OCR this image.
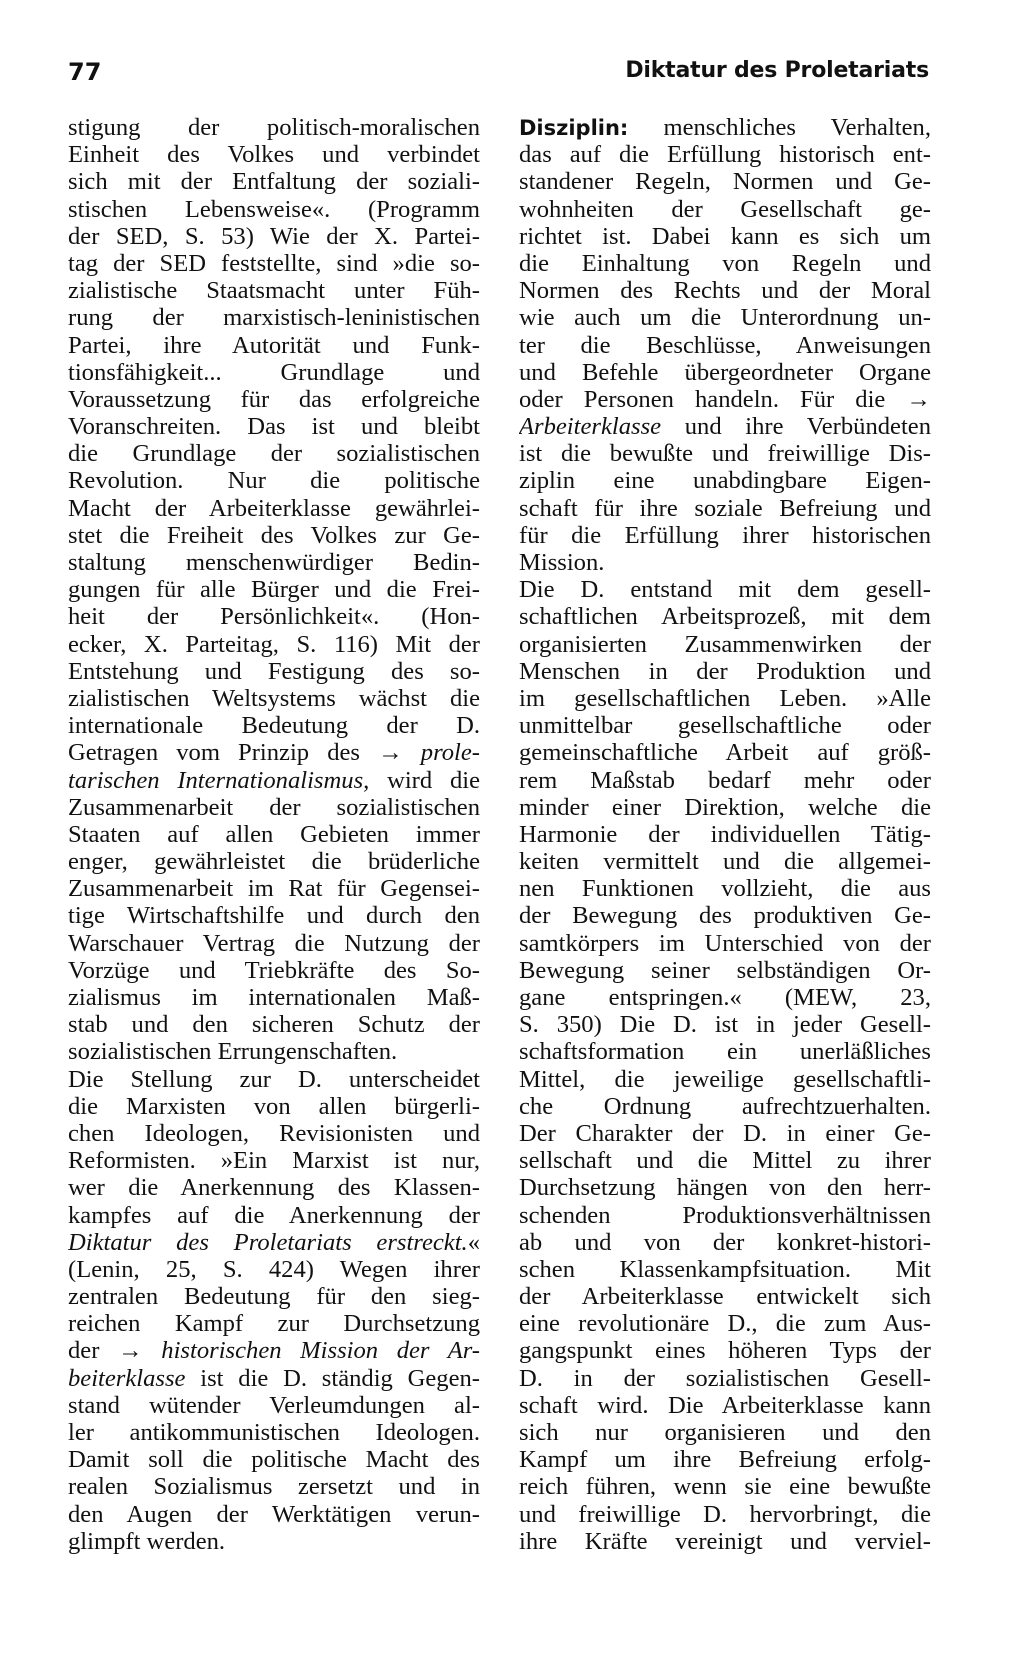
77	Diktatur des Proletariats
stigung der politisch-moralischen
Einheit des Volkes und verbindet
sich mit der Entfaltung der soziali-
stischen Lebensweise«. (Programm
der SED, S. 53) Wie der X. Partei-
tag der SED feststellte, sind »die so-
zialistische Staatsmacht unter Füh-
rung der marxistisch-leninistischen
Partei, ihre Autorität und Funk-
tionsfähigkeit... Grundlage und
Voraussetzung für das erfolgreiche
Voranschreiten. Das ist und bleibt
die Grundlage der sozialistischen
Revolution. Nur die politische
Macht der Arbeiterklasse gewährlei-
stet die Freiheit des Volkes zur Ge-
staltung menschenwürdiger Bedin-
gungen für alle Bürger und die Frei-
heit der Persönlichkeit«. (Hon-
ecker, X. Parteitag, S. 116) Mit der
Entstehung und Festigung des so-
zialistischen Weltsystems wächst die
internationale Bedeutung der D.
Getragen vom Prinzip des → prole-
tarischen Internationalismus, wird die
Zusammenarbeit der sozialistischen
Staaten auf allen Gebieten immer
enger, gewährleistet die brüderliche
Zusammenarbeit im Rat für Gegensei-
tige Wirtschaftshilfe und durch den
Warschauer Vertrag die Nutzung der
Vorzüge und Triebkräfte des So-
zialismus im internationalen Maß-
stab und den sicheren Schutz der
sozialistischen Errungenschaften.
Die Stellung zur D. unterscheidet
die Marxisten von allen bürgerli-
chen Ideologen, Revisionisten und
Reformisten. »Ein Marxist ist nur,
wer die Anerkennung des Klassen-
kampfes auf die Anerkennung der
Diktatur des Proletariats erstreckt.«
(Lenin, 25, S. 424) Wegen ihrer
zentralen Bedeutung für den sieg-
reichen Kampf zur Durchsetzung
der → historischen Mission der Ar-
beiterklasse ist die D. ständig Gegen-
stand wütender Verleumdungen al-
ler antikommunistischen Ideologen.
Damit soll die politische Macht des
realen Sozialismus zersetzt und in
den Augen der Werktätigen verun-
glimpft werden.
Disziplin: menschliches Verhalten,
das auf die Erfüllung historisch ent-
standener Regeln, Normen und Ge-
wohnheiten der Gesellschaft ge-
richtet ist. Dabei kann es sich um
die Einhaltung von Regeln und
Normen des Rechts und der Moral
wie auch um die Unterordnung un-
ter die Beschlüsse, Anweisungen
und Befehle übergeordneter Organe
oder Personen handeln. Für die →
Arbeiterklasse und ihre Verbündeten
ist die bewußte und freiwillige Dis-
ziplin eine unabdingbare Eigen-
schaft für ihre soziale Befreiung und
für die Erfüllung ihrer historischen
Mission.
Die D. entstand mit dem gesell-
schaftlichen Arbeitsprozeß, mit dem
organisierten Zusammenwirken der
Menschen in der Produktion und
im gesellschaftlichen Leben. »Alle
unmittelbar gesellschaftliche oder
gemeinschaftliche Arbeit auf größ-
rem Maßstab bedarf mehr oder
minder einer Direktion, welche die
Harmonie der individuellen Tätig-
keiten vermittelt und die allgemei-
nen Funktionen vollzieht, die aus
der Bewegung des produktiven Ge-
samtkörpers im Unterschied von der
Bewegung seiner selbständigen Or-
gane entspringen.« (MEW, 23,
S. 350) Die D. ist in jeder Gesell-
schaftsformation ein unerläßliches
Mittel, die jeweilige gesellschaftli-
che Ordnung aufrechtzuerhalten.
Der Charakter der D. in einer Ge-
sellschaft und die Mittel zu ihrer
Durchsetzung hängen von den herr-
schenden Produktionsverhältnissen
ab und von der konkret-histori-
schen Klassenkampfsituation. Mit
der Arbeiterklasse entwickelt sich
eine revolutionäre D., die zum Aus-
gangspunkt eines höheren Typs der
D. in der sozialistischen Gesell-
schaft wird. Die Arbeiterklasse kann
sich nur organisieren und den
Kampf um ihre Befreiung erfolg-
reich führen, wenn sie eine bewußte
und freiwillige D. hervorbringt, die
ihre Kräfte vereinigt und verviel-
